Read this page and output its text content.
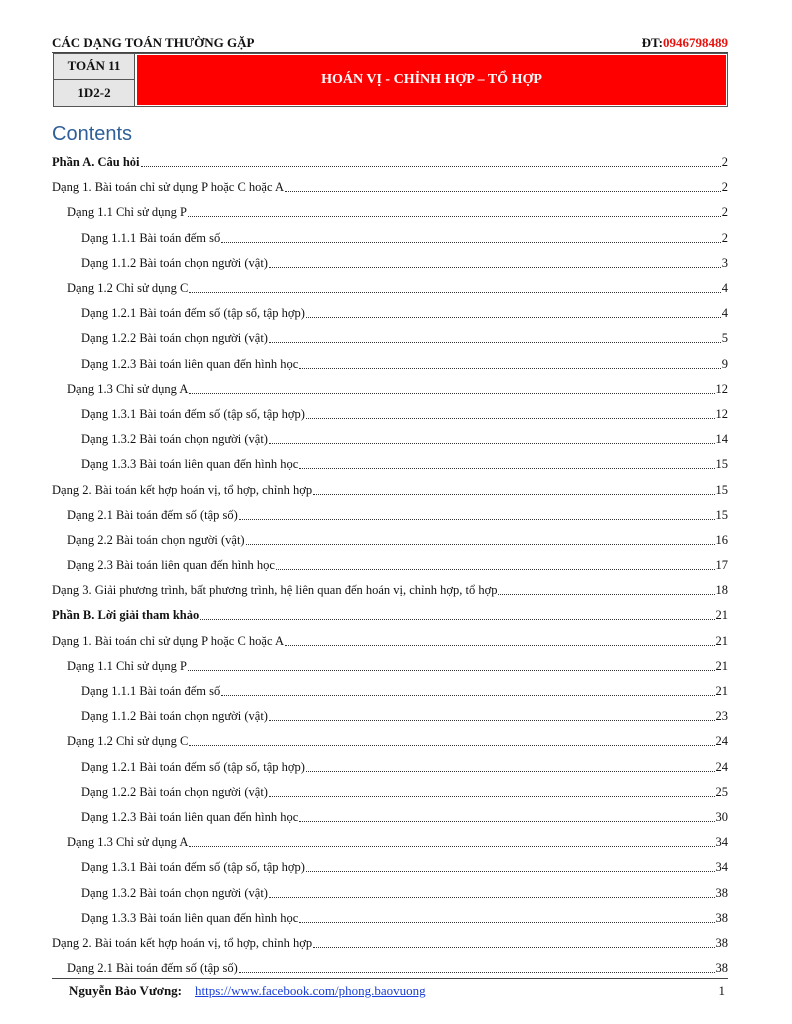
CÁC DẠNG TOÁN THƯỜNG GẶP	ĐT:0946798489
TOÁN 11
1D2-2
HOÁN VỊ - CHỈNH HỢP – TỔ HỢP
Contents
Phần A. Câu hỏi	2
Dạng 1. Bài toán chỉ sử dụng P hoặc C hoặc A	2
Dạng 1.1 Chỉ sử dụng P	2
Dạng 1.1.1 Bài toán đếm số	2
Dạng 1.1.2 Bài toán chọn người (vật)	3
Dạng 1.2 Chỉ sử dụng C	4
Dạng 1.2.1 Bài toán đếm số (tập số, tập hợp)	4
Dạng 1.2.2 Bài toán chọn người (vật)	5
Dạng 1.2.3 Bài toán liên quan đến hình học	9
Dạng 1.3 Chỉ sử dụng A	12
Dạng 1.3.1 Bài toán đếm số (tập số, tập hợp)	12
Dạng 1.3.2 Bài toán chọn người (vật)	14
Dạng 1.3.3 Bài toán liên quan đến hình học	15
Dạng 2. Bài toán kết hợp hoán vị, tổ hợp, chỉnh hợp	15
Dạng 2.1 Bài toán đếm số (tập số)	15
Dạng 2.2 Bài toán chọn người (vật)	16
Dạng 2.3 Bài toán liên quan đến hình học	17
Dạng 3. Giải phương trình, bất phương trình, hệ liên quan đến hoán vị, chỉnh hợp, tổ hợp	18
Phần B. Lời giải tham khảo	21
Dạng 1. Bài toán chỉ sử dụng P hoặc C hoặc A	21
Dạng 1.1 Chỉ sử dụng P	21
Dạng 1.1.1 Bài toán đếm số	21
Dạng 1.1.2 Bài toán chọn người (vật)	23
Dạng 1.2 Chỉ sử dụng C	24
Dạng 1.2.1 Bài toán đếm số (tập số, tập hợp)	24
Dạng 1.2.2 Bài toán chọn người (vật)	25
Dạng 1.2.3 Bài toán liên quan đến hình học	30
Dạng 1.3 Chỉ sử dụng A	34
Dạng 1.3.1 Bài toán đếm số (tập số, tập hợp)	34
Dạng 1.3.2 Bài toán chọn người (vật)	38
Dạng 1.3.3 Bài toán liên quan đến hình học	38
Dạng 2. Bài toán kết hợp hoán vị, tổ hợp, chỉnh hợp	38
Dạng 2.1 Bài toán đếm số (tập số)	38
Nguyễn Bảo Vương: https://www.facebook.com/phong.baovuong	1
